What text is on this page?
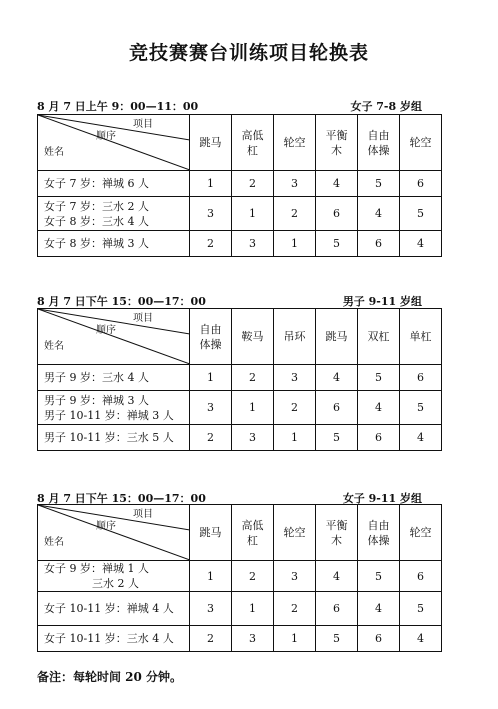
竞技赛赛台训练项目轮换表
8 月 7 日上午 9：00—11：00	女子 7-8 岁组
项目
顺序
姓名	跳马	高低杠	轮空	平衡木	自由体操	轮空

女子 7 岁：禅城 6 人	1	2	3	4	5	6

女子 7 岁：三水 2 人
女子 8 岁：三水 4 人	3	1	2	6	4	5

女子 8 岁：禅城 3 人	2	3	1	5	6	4
8 月 7 日下午 15：00—17：00	男子 9-11 岁组
项目
顺序
姓名	自由体操	鞍马	吊环	跳马	双杠	单杠

男子 9 岁：三水 4 人	1	2	3	4	5	6

男子 9 岁：禅城 3 人
男子 10-11 岁：禅城 3 人	3	1	2	6	4	5

男子 10-11 岁：三水 5 人	2	3	1	5	6	4
8 月 7 日下午 15：00—17：00	女子 9-11 岁组
项目
顺序
姓名	跳马	高低杠	轮空	平衡木	自由体操	轮空

女子 9 岁：禅城 1 人
三水 2 人	1	2	3	4	5	6

女子 10-11 岁：禅城 4 人	3	1	2	6	4	5

女子 10-11 岁：三水 4 人	2	3	1	5	6	4
备注：每轮时间 20 分钟。
